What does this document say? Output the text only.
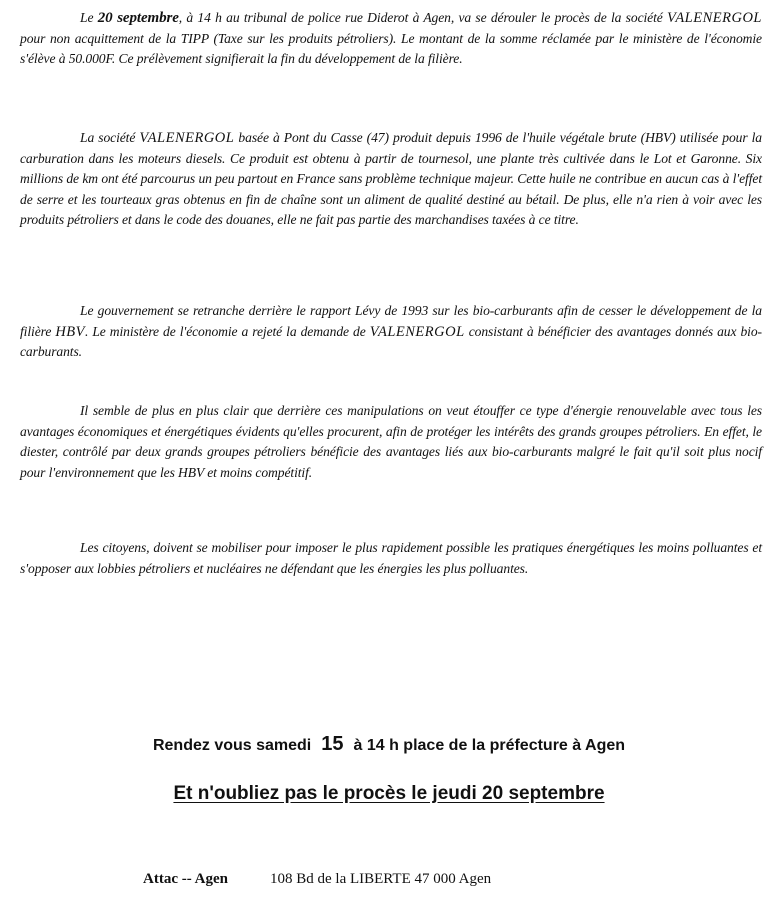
Le 20 septembre, à 14 h au tribunal de police rue Diderot à Agen, va se dérouler le procès de la société VALENERGOL pour non acquittement de la TIPP (Taxe sur les produits pétroliers). Le montant de la somme réclamée par le ministère de l'économie s'élève à 50.000F. Ce prélèvement signifierait la fin du développement de la filière.

La société VALENERGOL basée à Pont du Casse (47) produit depuis 1996 de l'huile végétale brute (HBV) utilisée pour la carburation dans les moteurs diesels. Ce produit est obtenu à partir de tournesol, une plante très cultivée dans le Lot et Garonne. Six millions de km ont été parcourus un peu partout en France sans problème technique majeur. Cette huile ne contribue en aucun cas à l'effet de serre et les tourteaux gras obtenus en fin de chaîne sont un aliment de qualité destiné au bétail. De plus, elle n'a rien à voir avec les produits pétroliers et dans le code des douanes, elle ne fait pas partie des marchandises taxées à ce titre.

Le gouvernement se retranche derrière le rapport Lévy de 1993 sur les bio-carburants afin de cesser le développement de la filière HBV. Le ministère de l'économie a rejeté la demande de VALENERGOL consistant à bénéficier des avantages donnés aux bio-carburants.

Il semble de plus en plus clair que derrière ces manipulations on veut étouffer ce type d'énergie renouvelable avec tous les avantages économiques et énergétiques évidents qu'elles procurent, afin de protéger les intérêts des grands groupes pétroliers. En effet, le diester, contrôlé par deux grands groupes pétroliers bénéficie des avantages liés aux bio-carburants malgré le fait qu'il soit plus nocif pour l'environnement que les HBV et moins compétitif.

Les citoyens, doivent se mobiliser pour imposer le plus rapidement possible les pratiques énergétiques les moins polluantes et s'opposer aux lobbies pétroliers et nucléaires ne défendant que les énergies les plus polluantes.

Rendez vous samedi 15 à 14 h place de la préfecture à Agen

Et n'oubliez pas le procès le jeudi 20 septembre

Attac -- Agen	108 Bd de la LIBERTE 47 000 Agen
